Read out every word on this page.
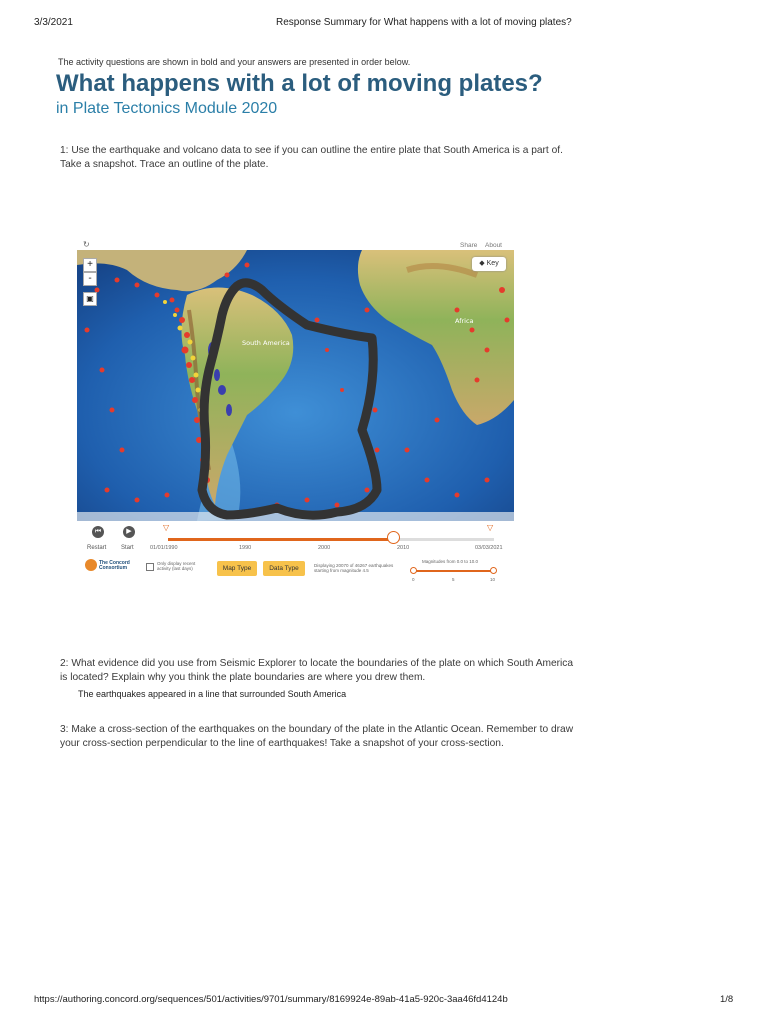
3/3/2021	Response Summary for What happens with a lot of moving plates?
The activity questions are shown in bold and your answers are presented in order below.
What happens with a lot of moving plates?
in Plate Tectonics Module 2020
1: Use the earthquake and volcano data to see if you can outline the entire plate that South America is a part of.
Take a snapshot. Trace an outline of the plate.
↻	Share About
South America
Africa
+
-
▣
◆ Key
⏮	▶
Restart Start
▽	▽
01/01/1990	1990	2000	2010	03/03/2021
The Concord Consortium
Only display recent activity (last days)	Map Type	Data Type	Displaying 20070 of 46267 earthquakes starting from magnitude 4.5
Magnitudes from 0.0 to 10.0
0	5	10
2: What evidence did you use from Seismic Explorer to locate the boundaries of the plate on which South America
is located? Explain why you think the plate boundaries are where you drew them.
The earthquakes appeared in a line that surrounded South America
3: Make a cross-section of the earthquakes on the boundary of the plate in the Atlantic Ocean. Remember to draw
your cross-section perpendicular to the line of earthquakes! Take a snapshot of your cross-section.
https://authoring.concord.org/sequences/501/activities/9701/summary/8169924e-89ab-41a5-920c-3aa46fd4124b	1/8
